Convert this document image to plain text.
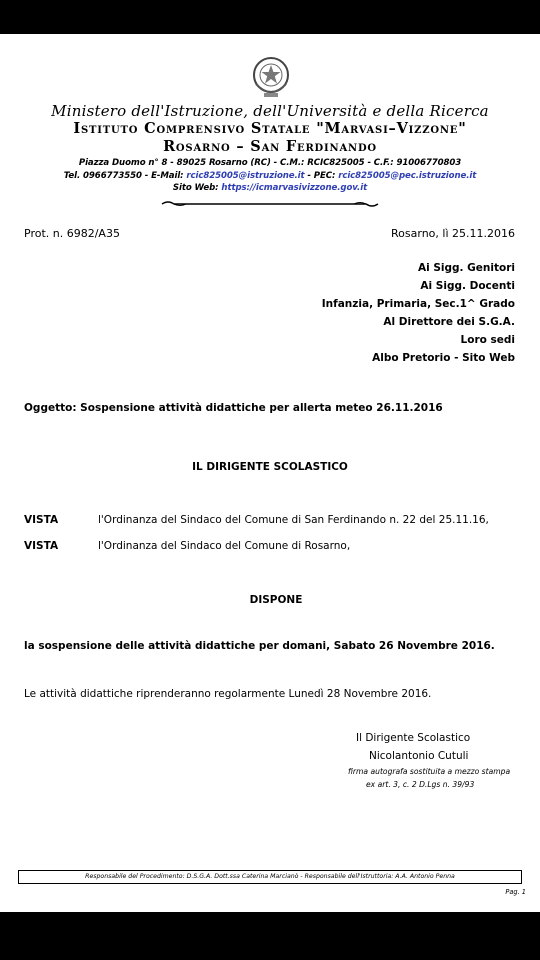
Ministero dell'Istruzione, dell'Università e della Ricerca
Istituto Comprensivo Statale "Marvasi–Vizzone"
Rosarno – San Ferdinando
Piazza Duomo n° 8 - 89025 Rosarno (RC) - C.M.: RCIC825005 - C.F.: 91006770803
Tel. 0966773550 - E-Mail: rcic825005@istruzione.it - PEC: rcic825005@pec.istruzione.it
Sito Web: https://icmarvasivizzone.gov.it
Prot. n. 6982/A35	Rosarno, lì 25.11.2016
Ai Sigg. Genitori
Ai Sigg. Docenti
Infanzia, Primaria, Sec.1^ Grado
Al Direttore dei S.G.A.
Loro sedi
Albo Pretorio - Sito Web
Oggetto: Sospensione attività didattiche per allerta meteo 26.11.2016
IL DIRIGENTE SCOLASTICO
VISTA	l'Ordinanza del Sindaco del Comune di San Ferdinando n. 22 del 25.11.16,
VISTA	l'Ordinanza del Sindaco del Comune di Rosarno,
DISPONE
la sospensione delle attività didattiche per domani, Sabato 26 Novembre 2016.
Le attività didattiche riprenderanno regolarmente Lunedì 28 Novembre 2016.
Il Dirigente Scolastico
Nicolantonio Cutuli
firma autografa sostituita a mezzo stampa
ex art. 3, c. 2 D.Lgs n. 39/93
Responsabile del Procedimento: D.S.G.A. Dott.ssa Caterina Marcianò - Responsabile dell'Istruttoria: A.A. Antonio Penna
Pag. 1
